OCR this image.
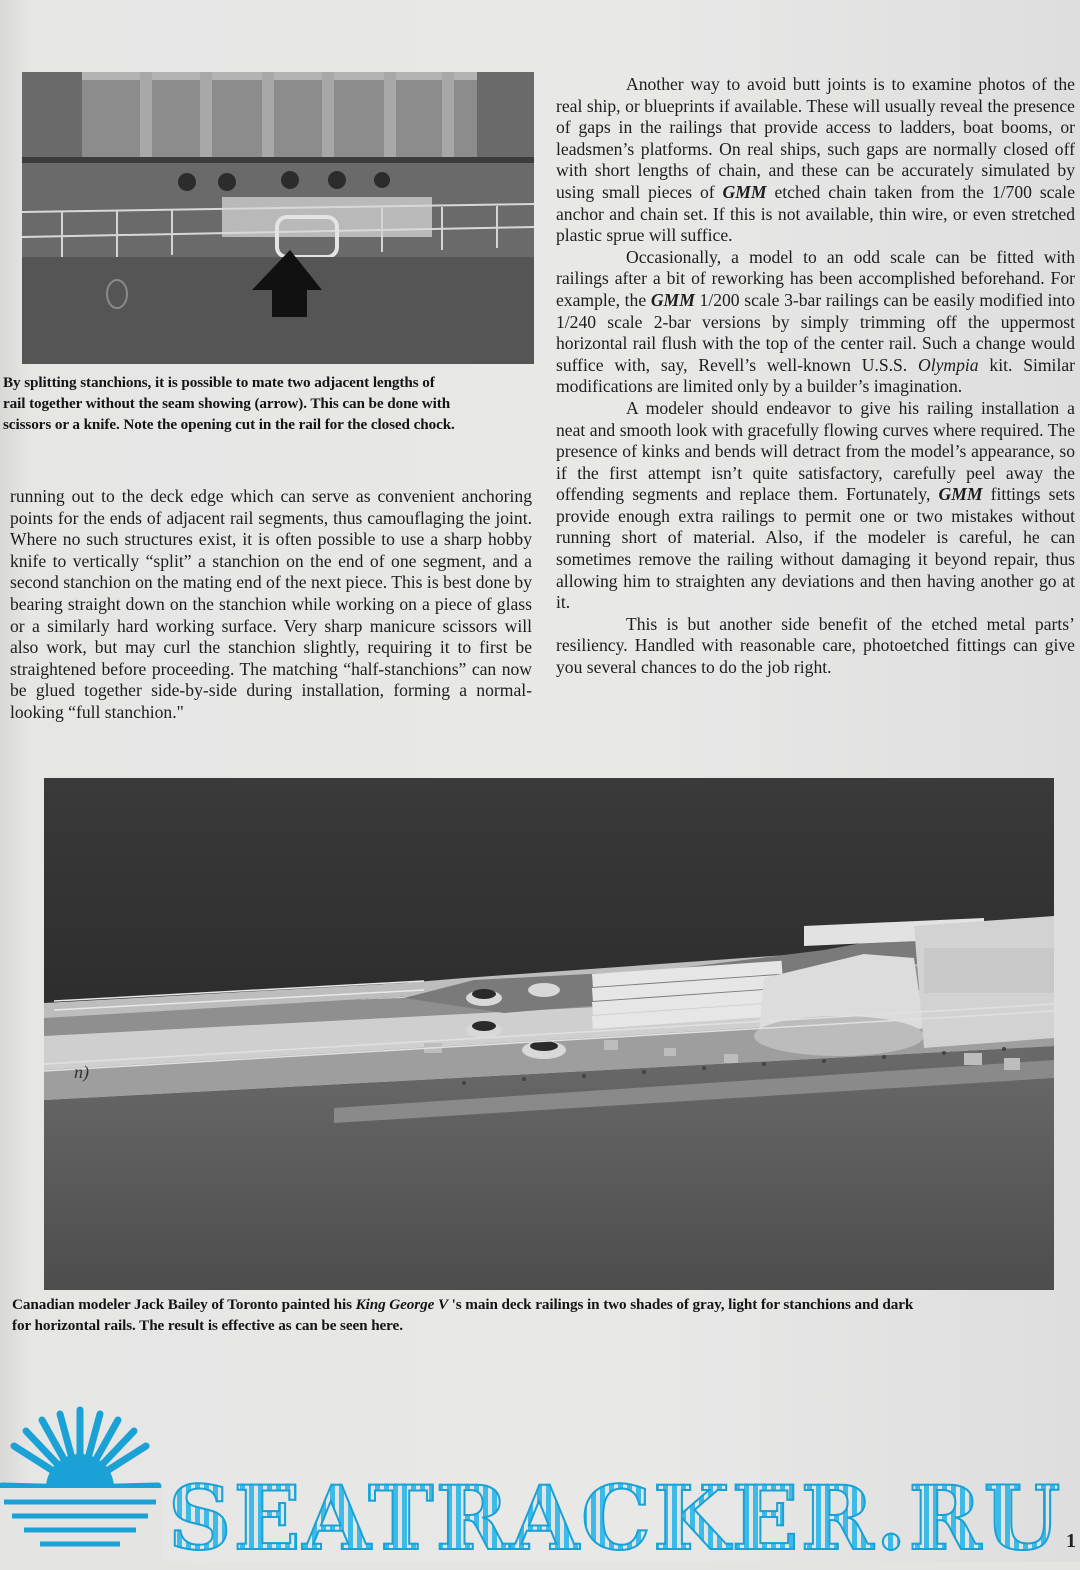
By splitting stanchions, it is possible to mate two adjacent lengths of
rail together without the seam showing (arrow). This can be done with
scissors or a knife. Note the opening cut in the rail for the closed chock.

running out to the deck edge which can serve as convenient anchoring points for the ends of adjacent rail segments, thus camouflaging the joint. Where no such structures exist, it is often possible to use a sharp hobby knife to vertically “split” a stanchion on the end of one segment, and a second stanchion on the mating end of the next piece. This is best done by bearing straight down on the stanchion while working on a piece of glass or a similarly hard working surface. Very sharp manicure scissors will also work, but may curl the stanchion slightly, requiring it to first be straightened before proceeding. The matching “half-stanchions” can now be glued together side-by-side during installation, forming a normal-looking “full stanchion."

Another way to avoid butt joints is to examine photos of the real ship, or blueprints if available. These will usually reveal the presence of gaps in the railings that provide access to ladders, boat booms, or leadsmen’s platforms. On real ships, such gaps are normally closed off with short lengths of chain, and these can be accurately simulated by using small pieces of GMM etched chain taken from the 1/700 scale anchor and chain set. If this is not available, thin wire, or even stretched plastic sprue will suffice.

Occasionally, a model to an odd scale can be fitted with railings after a bit of reworking has been accomplished beforehand. For example, the GMM 1/200 scale 3-bar railings can be easily modified into 1/240 scale 2-bar versions by simply trimming off the uppermost horizontal rail flush with the top of the center rail. Such a change would suffice with, say, Revell’s well-known U.S.S. Olympia kit. Similar modifications are limited only by a builder’s imagination.

A modeler should endeavor to give his railing installation a neat and smooth look with gracefully flowing curves where required. The presence of kinks and bends will detract from the model’s appearance, so if the first attempt isn’t quite satisfactory, carefully peel away the offending segments and replace them. Fortunately, GMM fittings sets provide enough extra railings to permit one or two mistakes without running short of material. Also, if the modeler is careful, he can sometimes remove the railing without damaging it beyond repair, thus allowing him to straighten any deviations and then having another go at it.

This is but another side benefit of the etched metal parts’ resiliency. Handled with reasonable care, photoetched fittings can give you several chances to do the job right.

n)
Canadian modeler Jack Bailey of Toronto painted his King George V 's main deck railings in two shades of gray, light for stanchions and dark
for horizontal rails. The result is effective as can be seen here.
SEATRACKER.RU 1
